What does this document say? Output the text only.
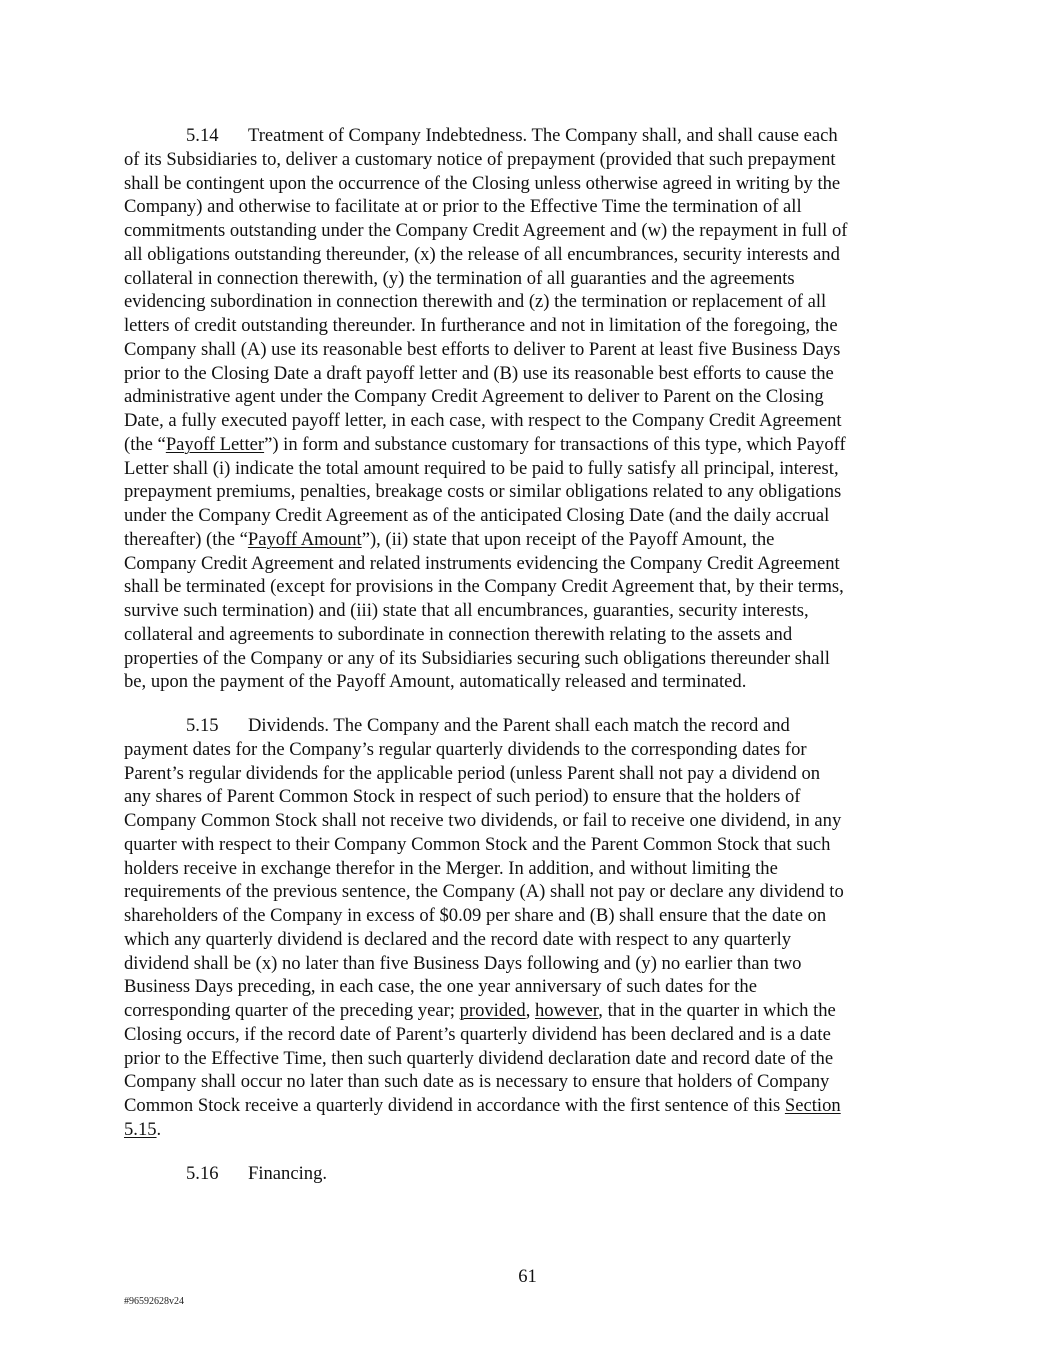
5.14 Treatment of Company Indebtedness. The Company shall, and shall cause each
of its Subsidiaries to, deliver a customary notice of prepayment (provided that such prepayment
shall be contingent upon the occurrence of the Closing unless otherwise agreed in writing by the
Company) and otherwise to facilitate at or prior to the Effective Time the termination of all
commitments outstanding under the Company Credit Agreement and (w) the repayment in full of
all obligations outstanding thereunder, (x) the release of all encumbrances, security interests and
collateral in connection therewith, (y) the termination of all guaranties and the agreements
evidencing subordination in connection therewith and (z) the termination or replacement of all
letters of credit outstanding thereunder. In furtherance and not in limitation of the foregoing, the
Company shall (A) use its reasonable best efforts to deliver to Parent at least five Business Days
prior to the Closing Date a draft payoff letter and (B) use its reasonable best efforts to cause the
administrative agent under the Company Credit Agreement to deliver to Parent on the Closing
Date, a fully executed payoff letter, in each case, with respect to the Company Credit Agreement
(the “Payoff Letter”) in form and substance customary for transactions of this type, which Payoff
Letter shall (i) indicate the total amount required to be paid to fully satisfy all principal, interest,
prepayment premiums, penalties, breakage costs or similar obligations related to any obligations
under the Company Credit Agreement as of the anticipated Closing Date (and the daily accrual
thereafter) (the “Payoff Amount”), (ii) state that upon receipt of the Payoff Amount, the
Company Credit Agreement and related instruments evidencing the Company Credit Agreement
shall be terminated (except for provisions in the Company Credit Agreement that, by their terms,
survive such termination) and (iii) state that all encumbrances, guaranties, security interests,
collateral and agreements to subordinate in connection therewith relating to the assets and
properties of the Company or any of its Subsidiaries securing such obligations thereunder shall
be, upon the payment of the Payoff Amount, automatically released and terminated.
5.15 Dividends. The Company and the Parent shall each match the record and
payment dates for the Company’s regular quarterly dividends to the corresponding dates for
Parent’s regular dividends for the applicable period (unless Parent shall not pay a dividend on
any shares of Parent Common Stock in respect of such period) to ensure that the holders of
Company Common Stock shall not receive two dividends, or fail to receive one dividend, in any
quarter with respect to their Company Common Stock and the Parent Common Stock that such
holders receive in exchange therefor in the Merger. In addition, and without limiting the
requirements of the previous sentence, the Company (A) shall not pay or declare any dividend to
shareholders of the Company in excess of $0.09 per share and (B) shall ensure that the date on
which any quarterly dividend is declared and the record date with respect to any quarterly
dividend shall be (x) no later than five Business Days following and (y) no earlier than two
Business Days preceding, in each case, the one year anniversary of such dates for the
corresponding quarter of the preceding year; provided, however, that in the quarter in which the
Closing occurs, if the record date of Parent’s quarterly dividend has been declared and is a date
prior to the Effective Time, then such quarterly dividend declaration date and record date of the
Company shall occur no later than such date as is necessary to ensure that holders of Company
Common Stock receive a quarterly dividend in accordance with the first sentence of this Section
5.15.
5.16 Financing.
61
#96592628v24
